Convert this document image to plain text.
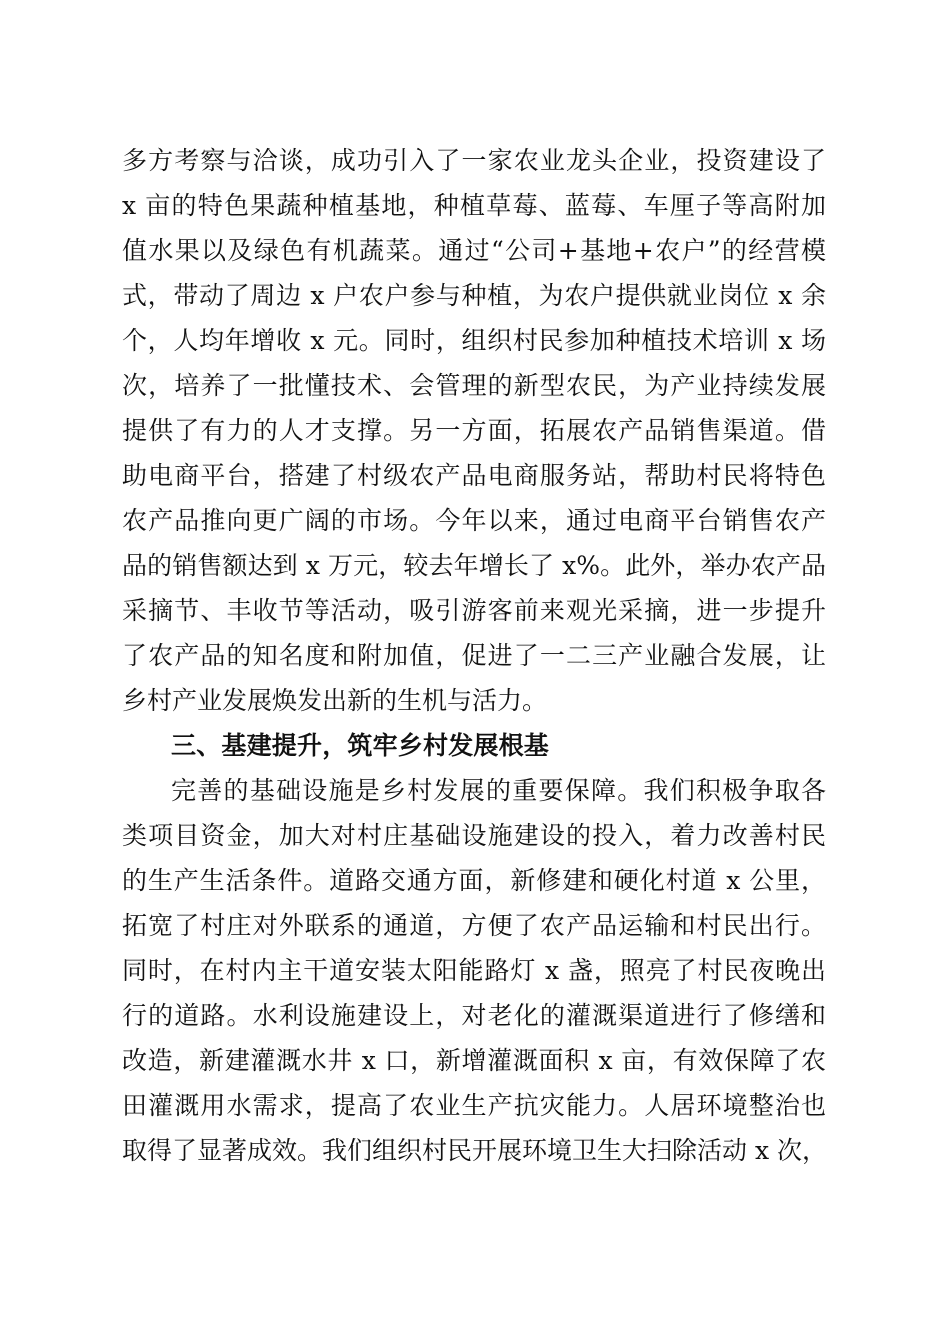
多方考察与洽谈，成功引入了一家农业龙头企业，投资建设了
x 亩的特色果蔬种植基地，种植草莓、蓝莓、车厘子等高附加
值水果以及绿色有机蔬菜。通过“公司+基地+农户”的经营模
式，带动了周边 x 户农户参与种植，为农户提供就业岗位 x 余
个，人均年增收 x 元。同时，组织村民参加种植技术培训 x 场
次，培养了一批懂技术、会管理的新型农民，为产业持续发展
提供了有力的人才支撑。另一方面，拓展农产品销售渠道。借
助电商平台，搭建了村级农产品电商服务站，帮助村民将特色
农产品推向更广阔的市场。今年以来，通过电商平台销售农产
品的销售额达到 x 万元，较去年增长了 x%。此外，举办农产品
采摘节、丰收节等活动，吸引游客前来观光采摘，进一步提升
了农产品的知名度和附加值，促进了一二三产业融合发展，让
乡村产业发展焕发出新的生机与活力。
三、基建提升，筑牢乡村发展根基
完善的基础设施是乡村发展的重要保障。我们积极争取各
类项目资金，加大对村庄基础设施建设的投入，着力改善村民
的生产生活条件。道路交通方面，新修建和硬化村道 x 公里，
拓宽了村庄对外联系的通道，方便了农产品运输和村民出行。
同时，在村内主干道安装太阳能路灯 x 盏，照亮了村民夜晚出
行的道路。水利设施建设上，对老化的灌溉渠道进行了修缮和
改造，新建灌溉水井 x 口，新增灌溉面积 x 亩，有效保障了农
田灌溉用水需求，提高了农业生产抗灾能力。人居环境整治也
取得了显著成效。我们组织村民开展环境卫生大扫除活动 x 次，
